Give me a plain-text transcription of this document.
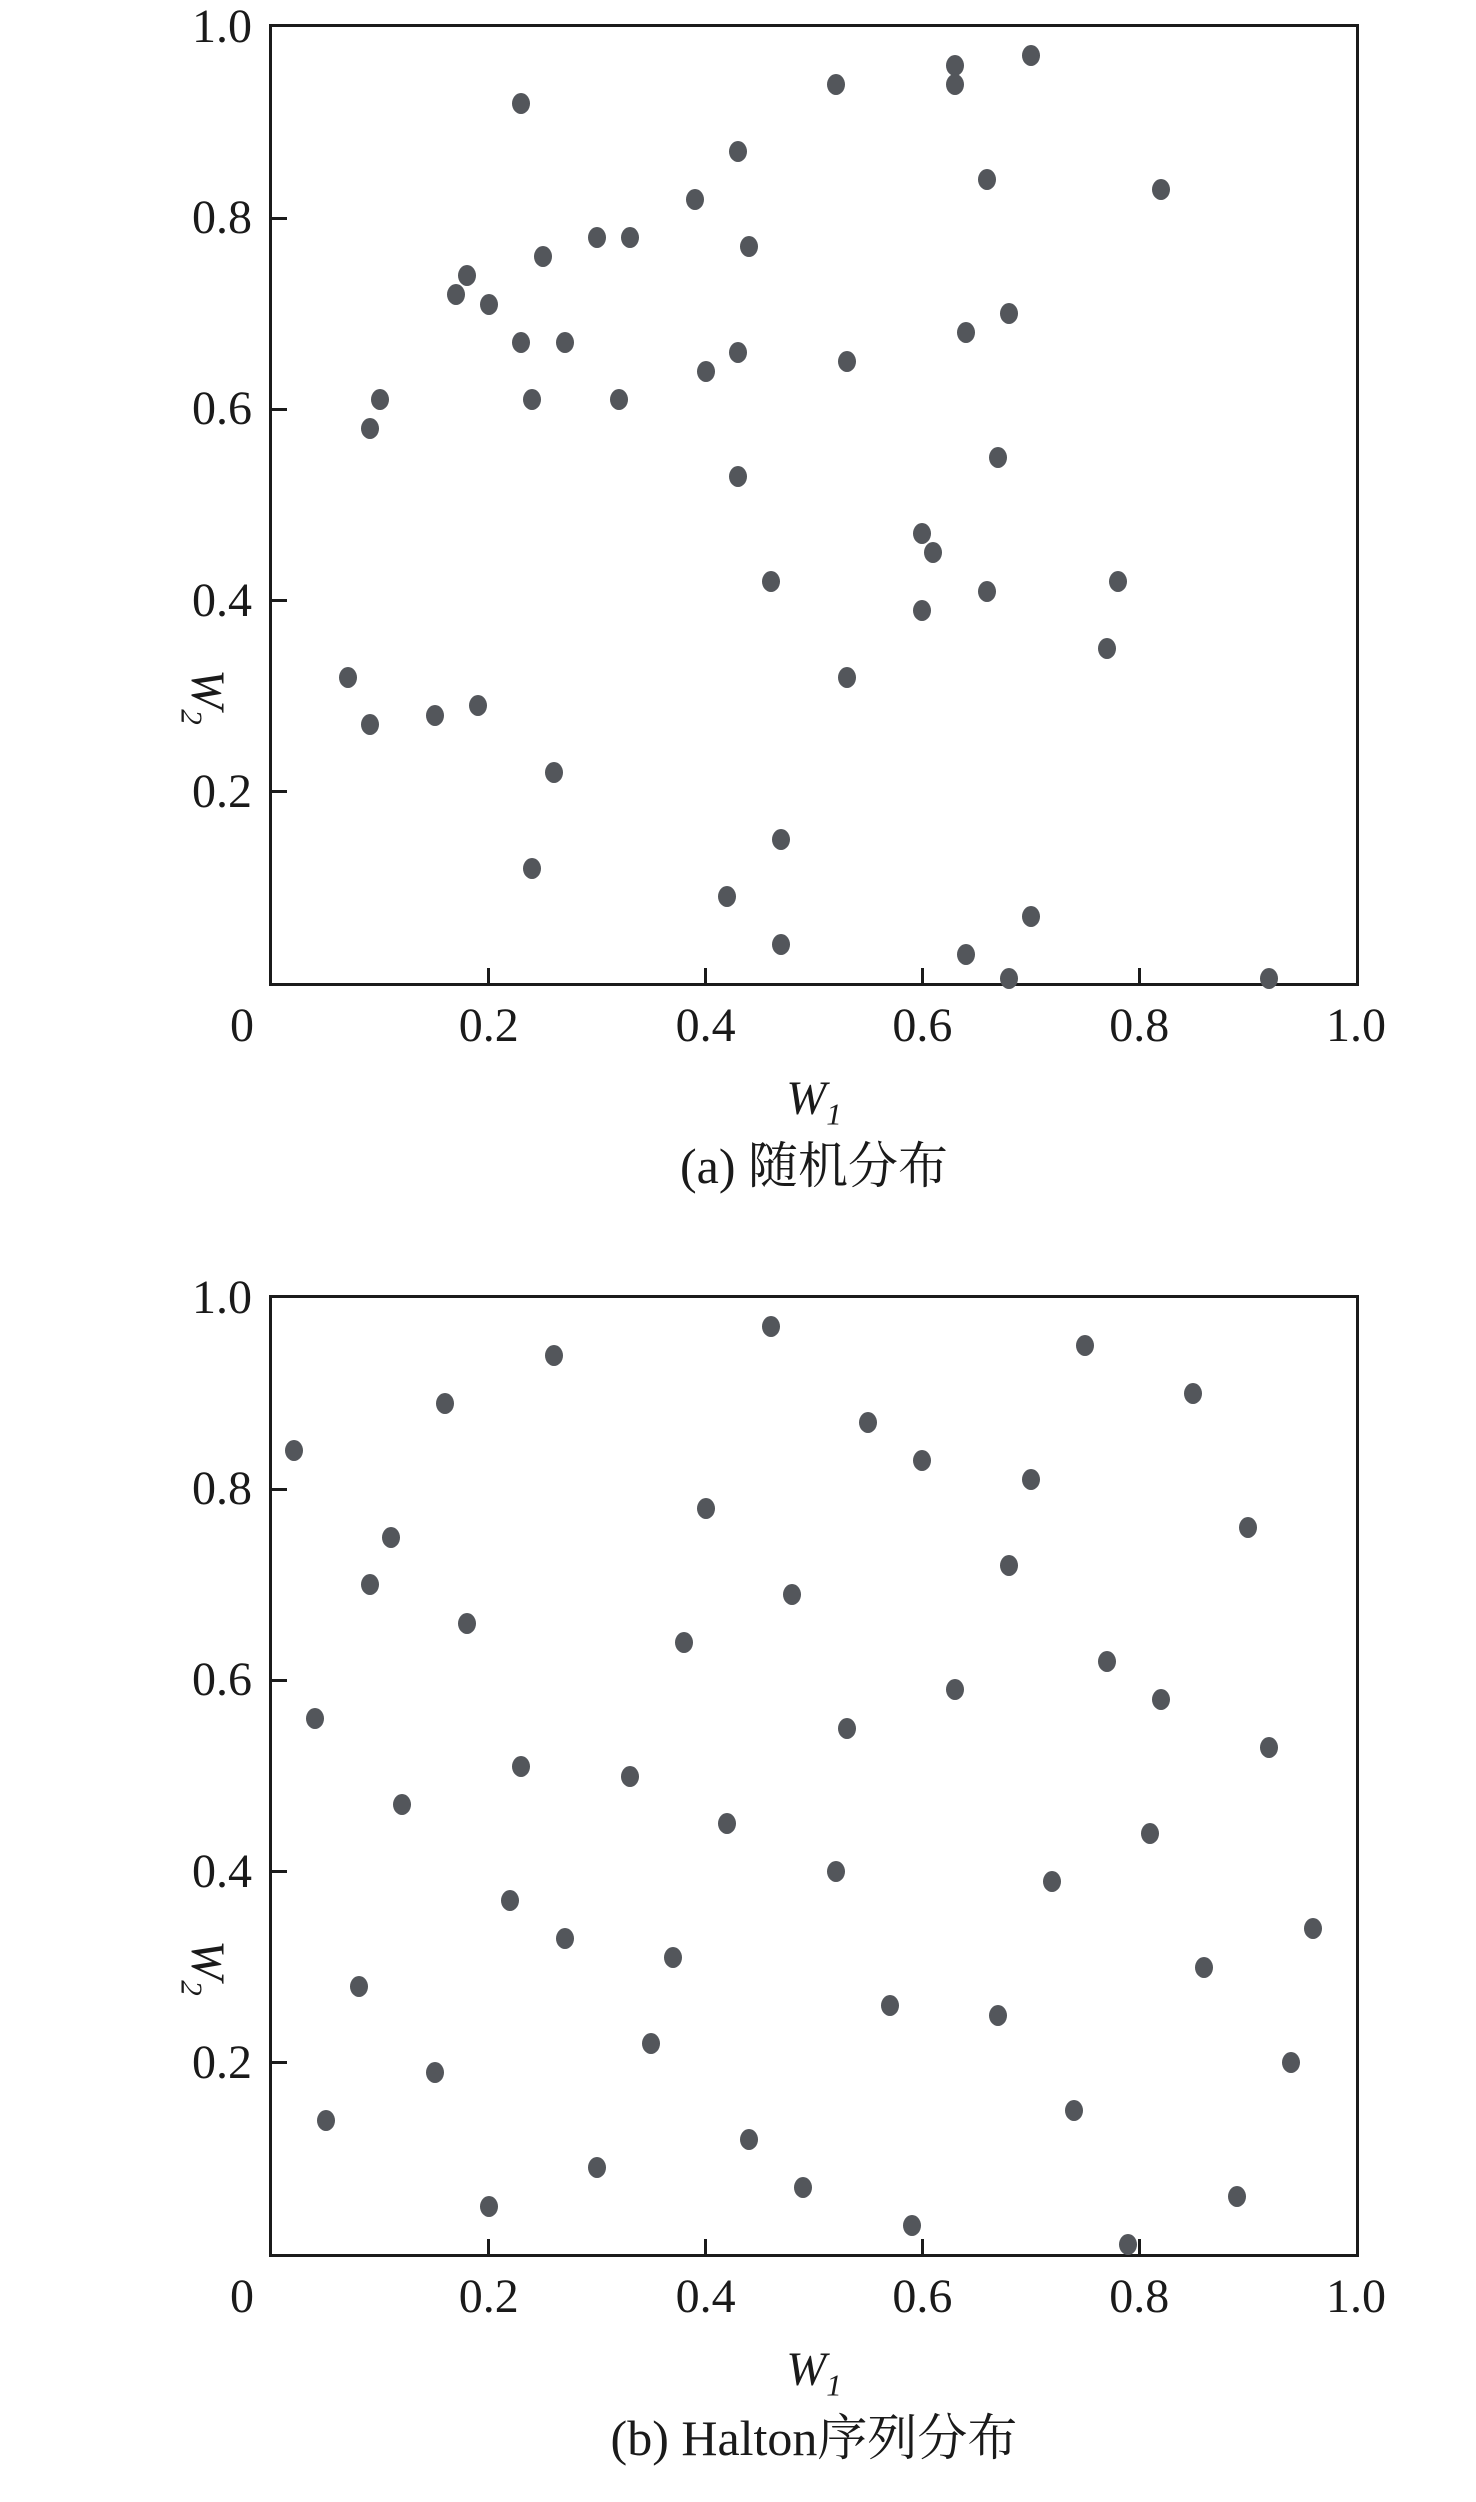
1.0
0.8
0.6
0.4
0.2
0	0.2	0.4	0.6	0.8	1.0
$W_2$
$W_1$
(a) 随机分布
1.0
0.8
0.6
0.4
0.2
0	0.2	0.4	0.6	0.8	1.0
$W_2$
$W_1$
(b) Halton序列分布
